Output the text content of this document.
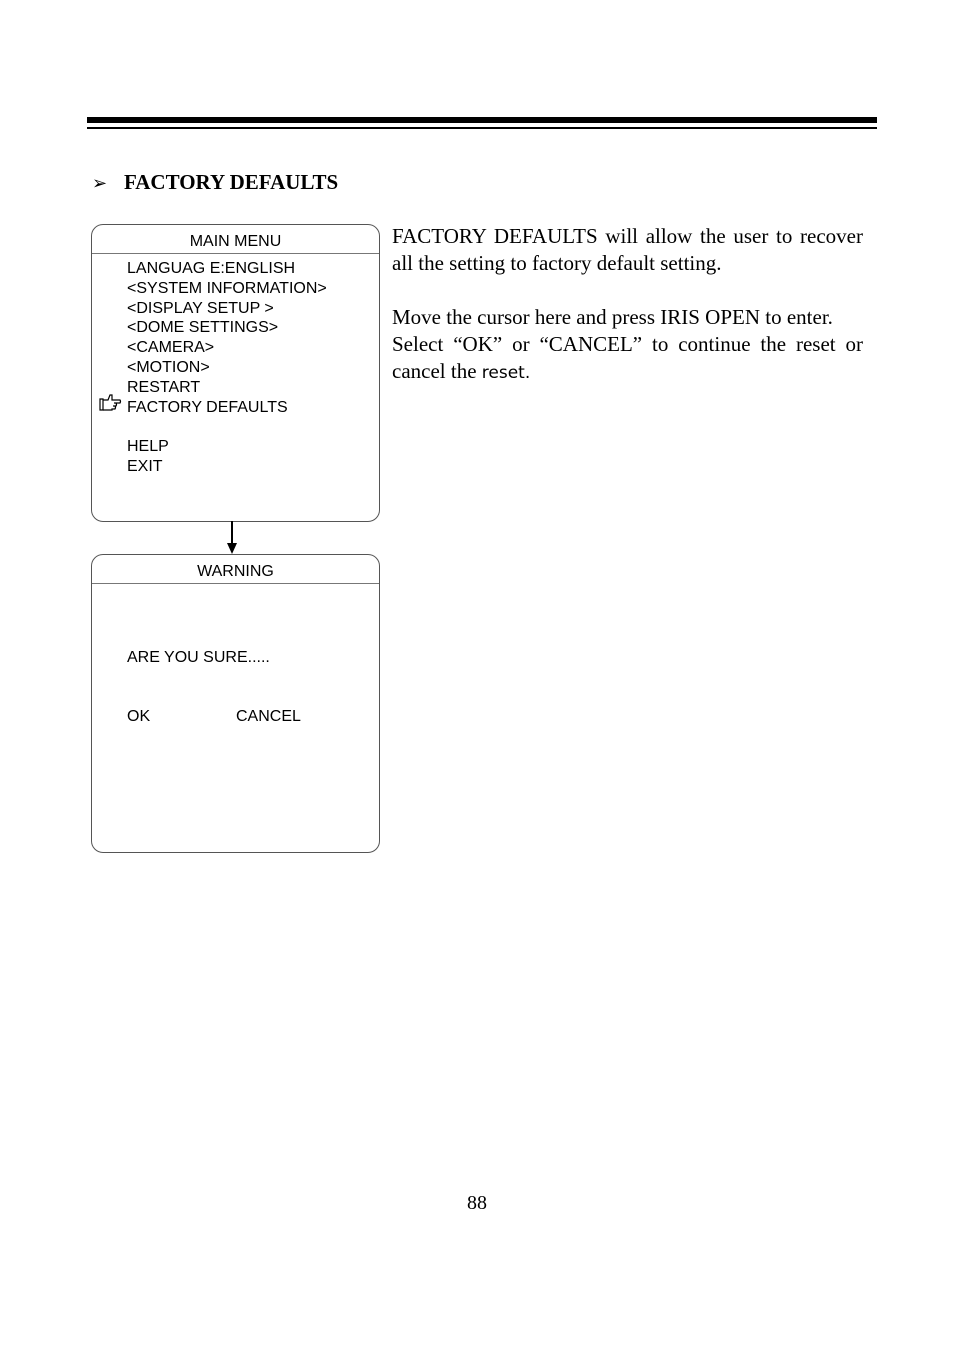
➢ FACTORY DEFAULTS
MAIN MENU
LANGUAG E:ENGLISH
<SYSTEM INFORMATION>
<DISPLAY SETUP >
<DOME SETTINGS>
<CAMERA>
<MOTION>
RESTART
FACTORY DEFAULTS
HELP
EXIT
WARNING
ARE YOU SURE.....
OK	CANCEL

FACTORY DEFAULTS will allow the user to recover all the setting to factory default setting.

Move the cursor here and press IRIS OPEN to enter.

Select “OK” or “CANCEL” to continue the reset or cancel the reset.

88
